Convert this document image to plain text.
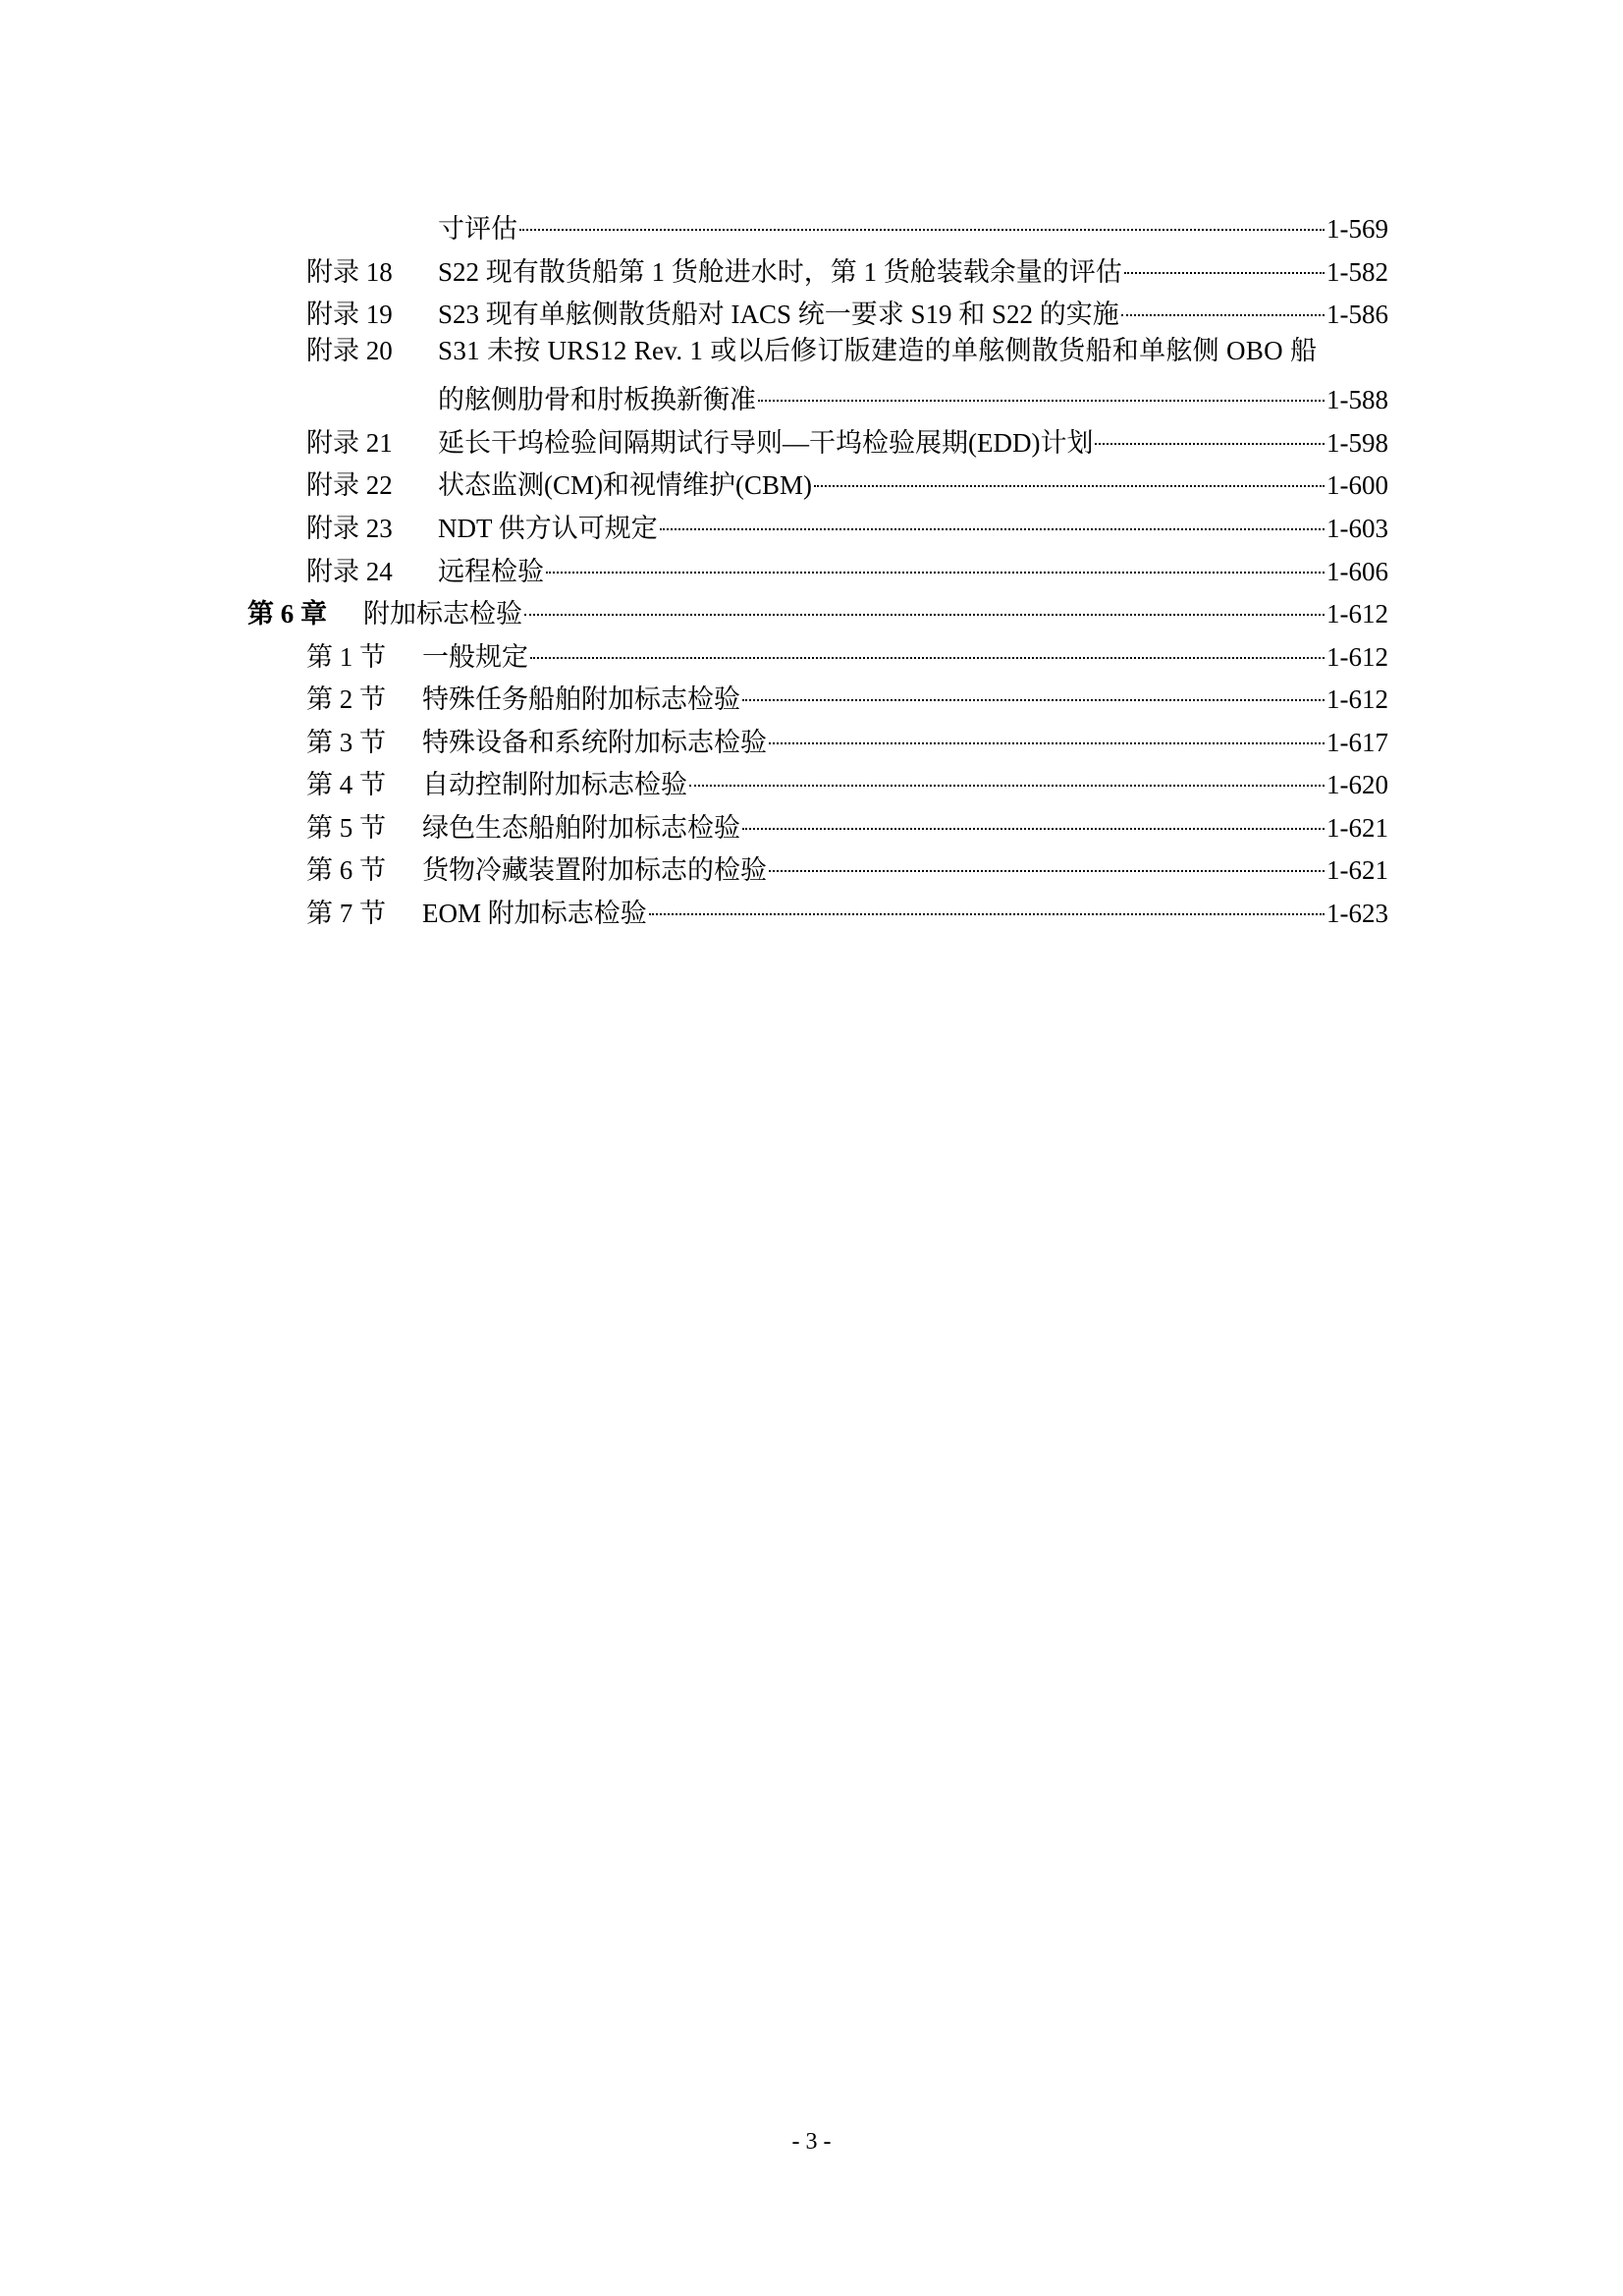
寸评估	1-569
附录 18	S22 现有散货船第 1 货舱进水时，第 1 货舱装载余量的评估	1-582
附录 19	S23 现有单舷侧散货船对 IACS 统一要求 S19 和 S22 的实施	1-586
附录 20	S31 未按 URS12 Rev. 1 或以后修订版建造的单舷侧散货船和单舷侧 OBO 船
的舷侧肋骨和肘板换新衡准	1-588
附录 21	延长干坞检验间隔期试行导则—干坞检验展期(EDD)计划	1-598
附录 22	状态监测(CM)和视情维护(CBM)	1-600
附录 23	NDT 供方认可规定	1-603
附录 24	远程检验	1-606
第 6 章	附加标志检验	1-612
第 1 节	一般规定	1-612
第 2 节	特殊任务船舶附加标志检验	1-612
第 3 节	特殊设备和系统附加标志检验	1-617
第 4 节	自动控制附加标志检验	1-620
第 5 节	绿色生态船舶附加标志检验	1-621
第 6 节	货物冷藏装置附加标志的检验	1-621
第 7 节	EOM 附加标志检验	1-623
- 3 -
